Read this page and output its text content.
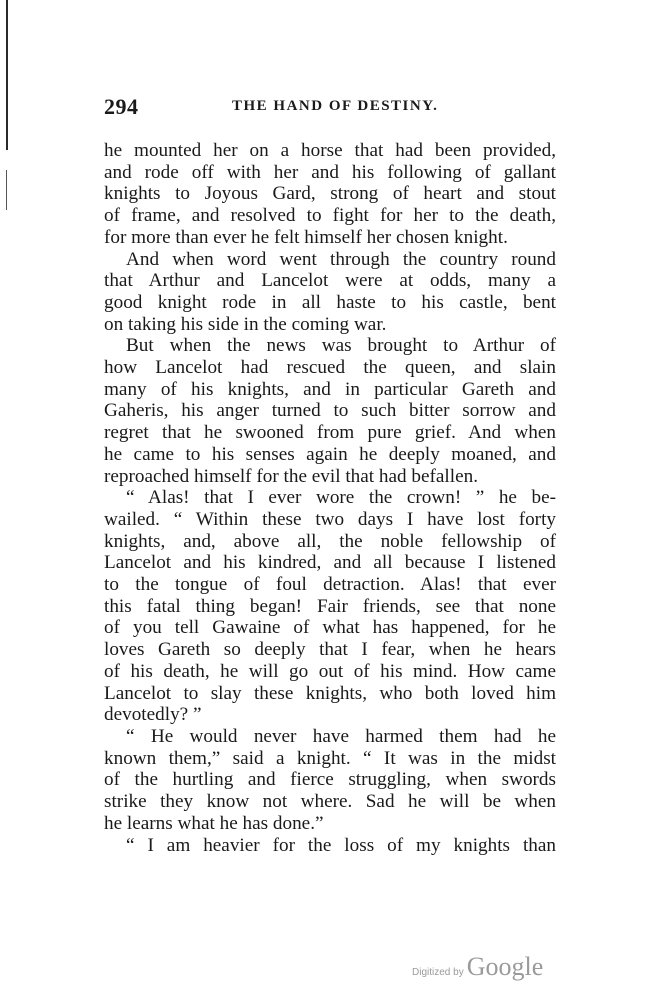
294	THE HAND OF DESTINY.
he mounted her on a horse that had been provided,
and rode off with her and his following of gallant
knights to Joyous Gard, strong of heart and stout
of frame, and resolved to fight for her to the death,
for more than ever he felt himself her chosen knight.
And when word went through the country round
that Arthur and Lancelot were at odds, many a
good knight rode in all haste to his castle, bent
on taking his side in the coming war.
But when the news was brought to Arthur of
how Lancelot had rescued the queen, and slain
many of his knights, and in particular Gareth and
Gaheris, his anger turned to such bitter sorrow and
regret that he swooned from pure grief. And when
he came to his senses again he deeply moaned, and
reproached himself for the evil that had befallen.
“ Alas! that I ever wore the crown! ” he be-
wailed. “ Within these two days I have lost forty
knights, and, above all, the noble fellowship of
Lancelot and his kindred, and all because I listened
to the tongue of foul detraction. Alas! that ever
this fatal thing began! Fair friends, see that none
of you tell Gawaine of what has happened, for he
loves Gareth so deeply that I fear, when he hears
of his death, he will go out of his mind. How came
Lancelot to slay these knights, who both loved him
devotedly? ”
“ He would never have harmed them had he
known them,” said a knight. “ It was in the midst
of the hurtling and fierce struggling, when swords
strike they know not where. Sad he will be when
he learns what he has done.”
“ I am heavier for the loss of my knights than
Digitized by Google
